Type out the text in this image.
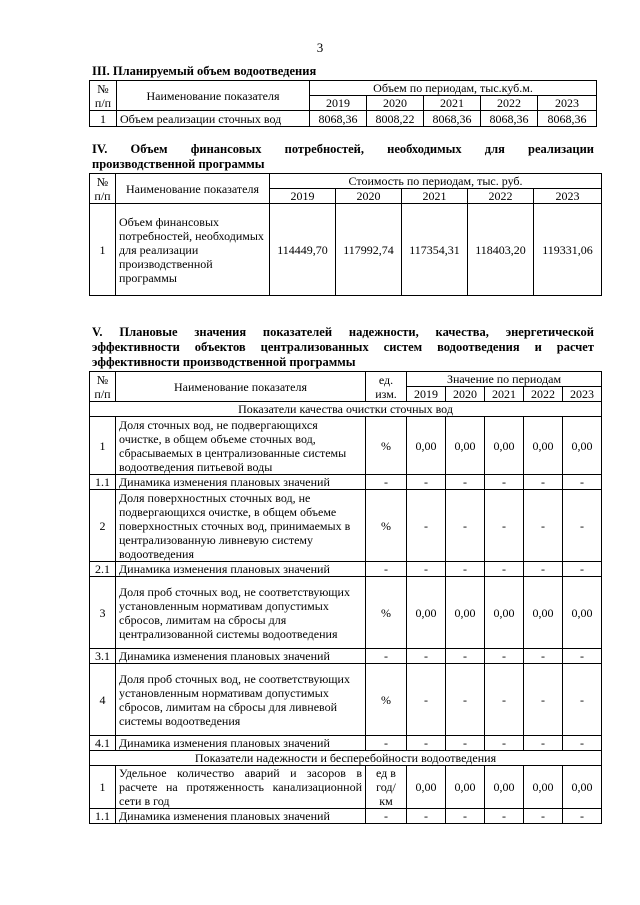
3
III. Планируемый объем водоотведения
№ п/п	Наименование показателя	Объем по периодам, тыс.куб.м.				
		2019	2020	2021	2022	2023
1	Объем реализации сточных вод	8068,36	8008,22	8068,36	8068,36	8068,36
IV. Объем финансовых потребностей, необходимых для реализации
производственной программы
№ п/п	Наименование показателя	Стоимость по периодам, тыс. руб.				
		2019	2020	2021	2022	2023
1	Объем финансовых потребностей, необходимых для реализации производственной программы	114449,70	117992,74	117354,31	118403,20	119331,06
V. Плановые значения показателей надежности, качества, энергетической
эффективности объектов централизованных систем водоотведения и расчет
эффективности производственной программы
№ п/п	Наименование показателя	ед. изм.	Значение по периодам				
			2019	2020	2021	2022	2023
Показатели качества очистки сточных вод							
1	Доля сточных вод, не подвергающихся очистке, в общем объеме сточных вод, сбрасываемых в централизованные системы водоотведения питьевой воды	%	0,00	0,00	0,00	0,00	0,00
1.1	Динамика изменения плановых значений	-	-	-	-	-	-
2	Доля поверхностных сточных вод, не подвергающихся очистке, в общем объеме поверхностных сточных вод, принимаемых в централизованную ливневую систему водоотведения	%	-	-	-	-	-
2.1	Динамика изменения плановых значений	-	-	-	-	-	-
3	Доля проб сточных вод, не соответствующих установленным нормативам допустимых сбросов, лимитам на сбросы для централизованной системы водоотведения	%	0,00	0,00	0,00	0,00	0,00
3.1	Динамика изменения плановых значений	-	-	-	-	-	-
4	Доля проб сточных вод, не соответствующих установленным нормативам допустимых сбросов, лимитам на сбросы для ливневой системы водоотведения	%	-	-	-	-	-
4.1	Динамика изменения плановых значений	-	-	-	-	-	-
Показатели надежности и бесперебойности водоотведения							
1	Удельное количество аварий и засоров в расчете на протяженность канализационной сети в год	ед в год/ км	0,00	0,00	0,00	0,00	0,00
1.1	Динамика изменения плановых значений	-	-	-	-	-	-
